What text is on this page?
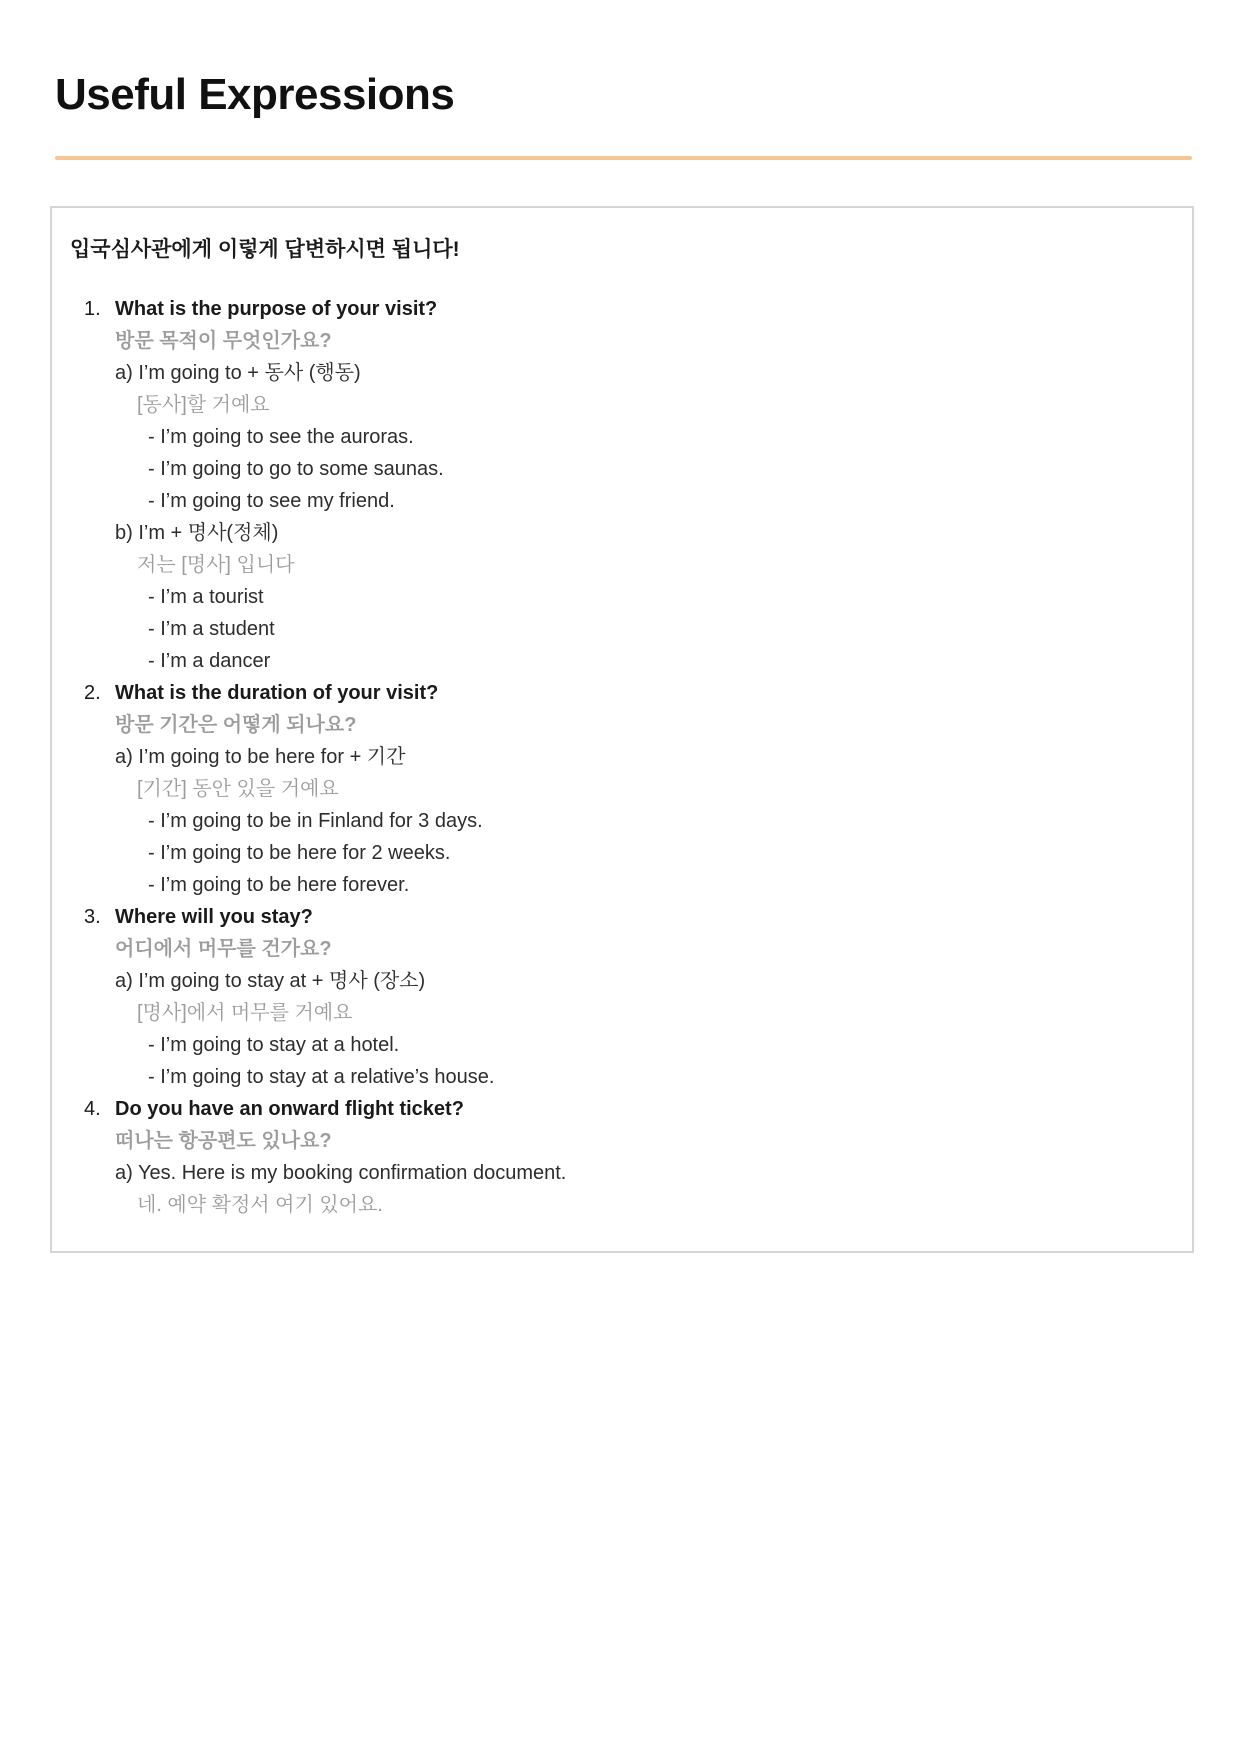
Useful Expressions
입국심사관에게 이렇게 답변하시면 됩니다!
1. What is the purpose of your visit?
방문 목적이 무엇인가요?
a) I’m going to + 동사 (행동)
[동사]할 거예요
- I’m going to see the auroras.
- I’m going to go to some saunas.
- I’m going to see my friend.
b) I’m + 명사(정체)
저는 [명사] 입니다
- I’m a tourist
- I’m a student
- I’m a dancer
2. What is the duration of your visit?
방문 기간은 어떻게 되나요?
a) I’m going to be here for + 기간
[기간] 동안 있을 거예요
- I’m going to be in Finland for 3 days.
- I’m going to be here for 2 weeks.
- I’m going to be here forever.
3. Where will you stay?
어디에서 머무를 건가요?
a) I’m going to stay at + 명사 (장소)
[명사]에서 머무를 거예요
- I’m going to stay at a hotel.
- I’m going to stay at a relative’s house.
4. Do you have an onward flight ticket?
떠나는 항공편도 있나요?
a) Yes. Here is my booking confirmation document.
네. 예약 확정서 여기 있어요.
